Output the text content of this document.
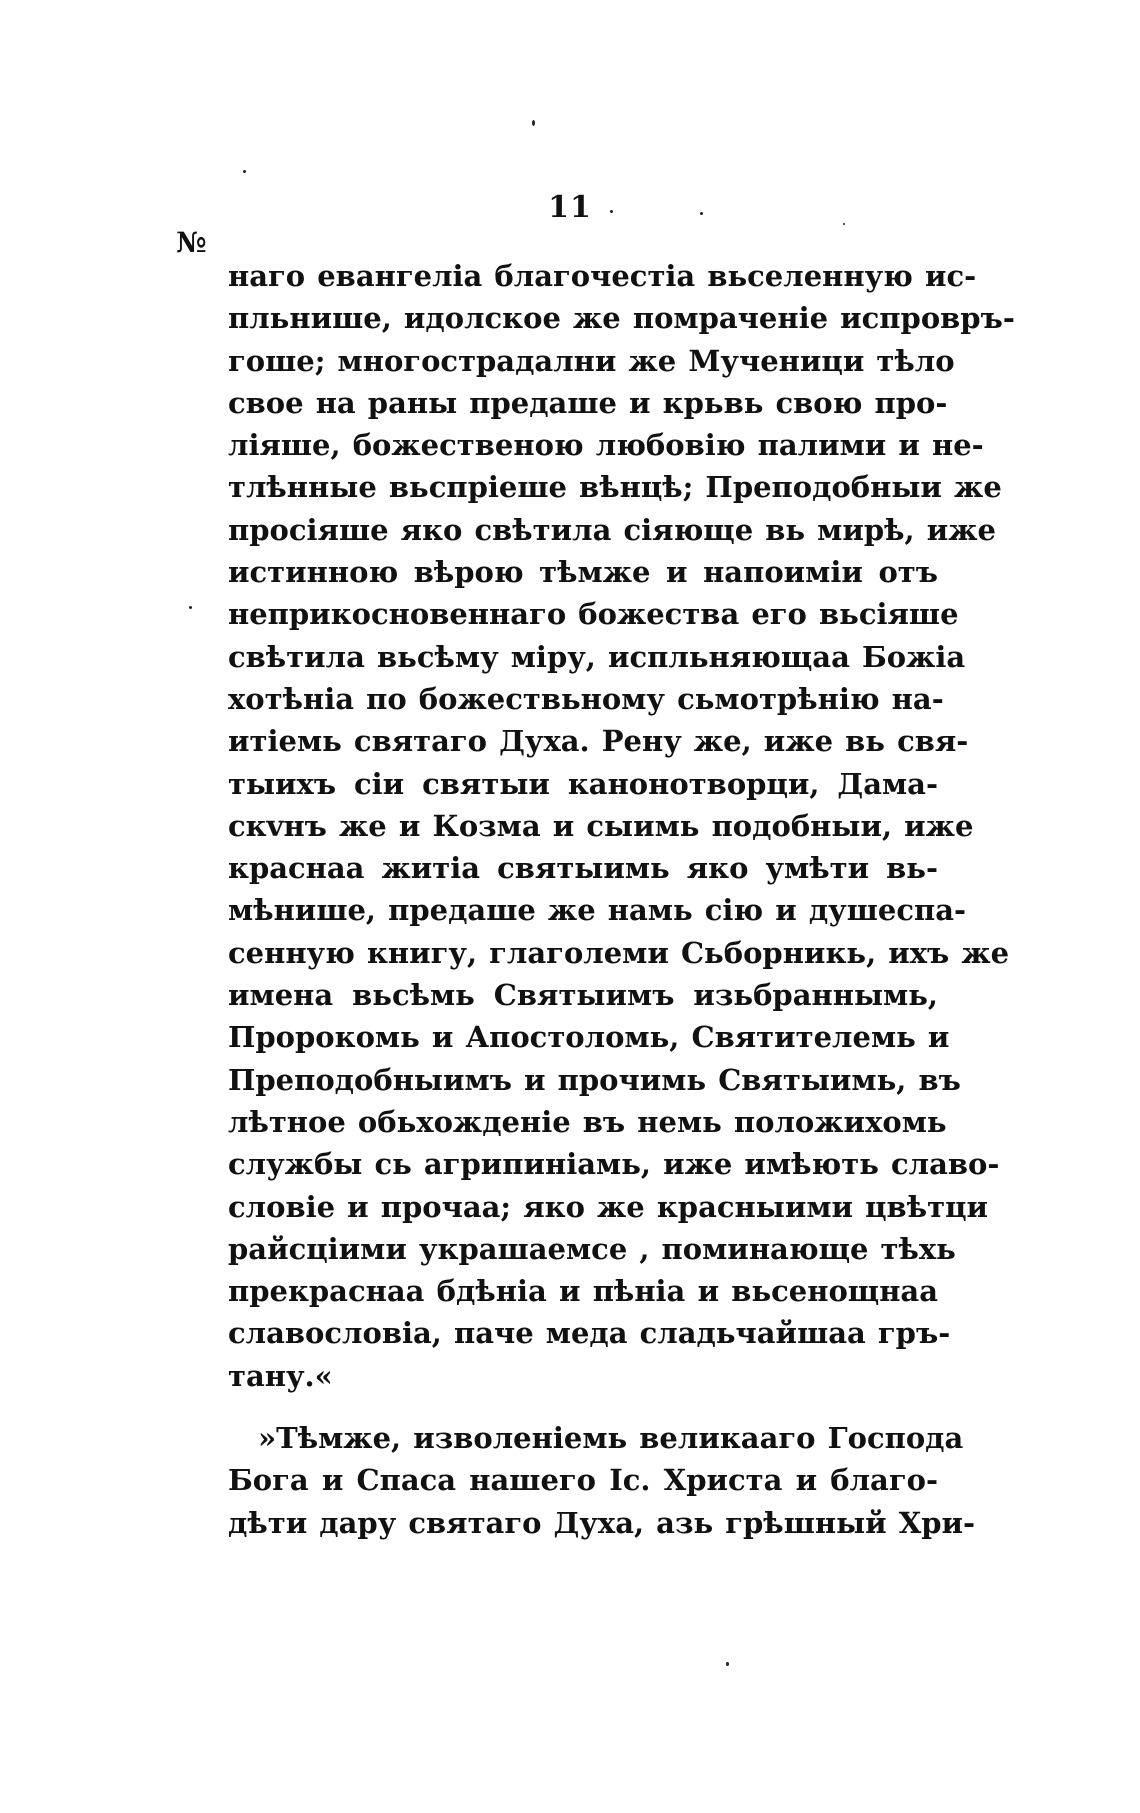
11
№
наго евангеліа благочестіа вьселенную ис-
пльнише, идолское же помраченіе испровръ-
гоше; многострадални же Мученици тѣло
свое на раны предаше и крьвь свою про-
ліяше, божественою любовію палими и не-
тлѣнные вьспріеше вѣнцѣ; Преподобныи же
просіяше яко свѣтила сіяюще вь мирѣ, иже
истинною вѣрою тѣмже и напоимiи отъ
неприкосновеннаго божества его вьсіяше
свѣтила вьсѣму міру, испльняющаа Божіа
хотѣніа по божествьному сьмотрѣнію на-
итіемь святаго Духа. Рену же, иже вь свя-
тыихъ сіи святыи канонотворци, Дама-
скvнъ же и Козма и сыимь подобныи, иже
краснаа житіа святыимь яко умѣти вь-
мѣнише, предаше же намь сію и душеспа-
сенную книгу, глаголеми Сьборникь, ихъ же
имена вьсѣмь Святыимъ изьбраннымь,
Пророкомь и Апостоломь, Святителемь и
Преподобныимъ и прочимь Святыимь, въ
лѣтное обьхожденіе въ немь положихомь
службы сь агрипиніамь, иже имѣють славо-
словіе и прочаа; яко же красныими цвѣтци
райсціими украшаемсе , поминающе тѣхь
прекраснаа бдѣніа и пѣніа и вьсенощнаа
славословіа, паче меда сладьчайшаа гръ-
тану.«
»Тѣмже, изволеніемь великааго Господа
Бога и Спаса нашего Іс. Христа и благо-
дѣти дару святаго Духа, азь грѣшный Хри-
